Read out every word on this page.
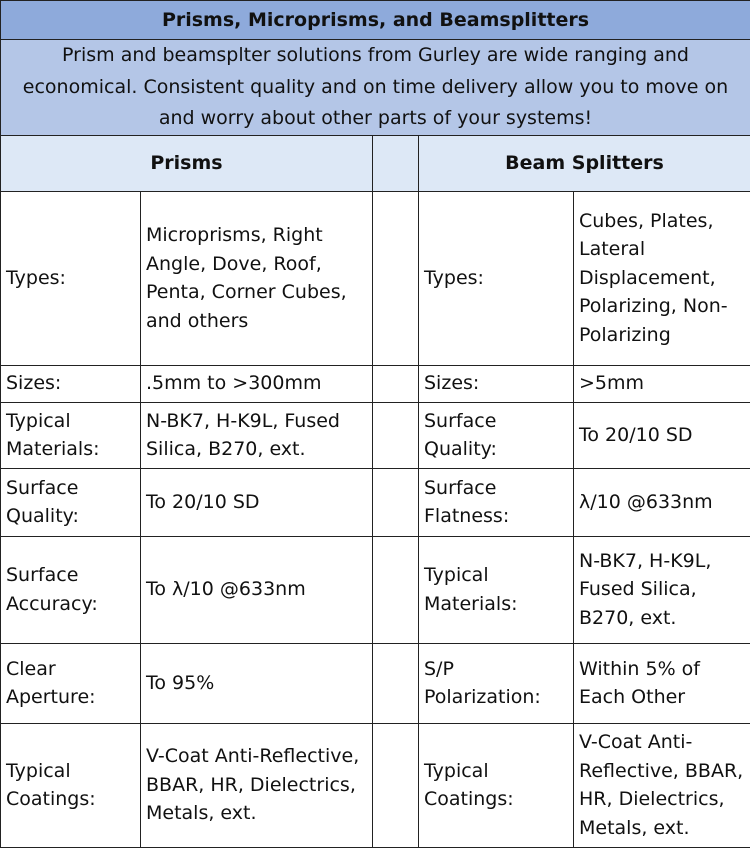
Prisms, Microprisms, and Beamsplitters				
Prism and beamsplter solutions from Gurley are wide ranging and economical. Consistent quality and on time delivery allow you to move on and worry about other parts of your systems!				
Prisms			Beam Splitters	
Types:	Microprisms, Right Angle, Dove, Roof, Penta, Corner Cubes, and others		Types:	Cubes, Plates, Lateral Displacement, Polarizing, Non-Polarizing
Sizes:	.5mm to >300mm		Sizes:	>5mm
Typical Materials:	N-BK7, H-K9L, Fused Silica, B270, ext.		Surface Quality:	To 20/10 SD
Surface Quality:	To 20/10 SD		Surface Flatness:	λ/10 @633nm
Surface Accuracy:	To λ/10 @633nm		Typical Materials:	N-BK7, H-K9L, Fused Silica, B270, ext.
Clear Aperture:	To 95%		S/P Polarization:	Within 5% of Each Other
Typical Coatings:	V-Coat Anti-Reflective, BBAR, HR, Dielectrics, Metals, ext.		Typical Coatings:	V-Coat Anti-Reflective, BBAR, HR, Dielectrics, Metals, ext.
